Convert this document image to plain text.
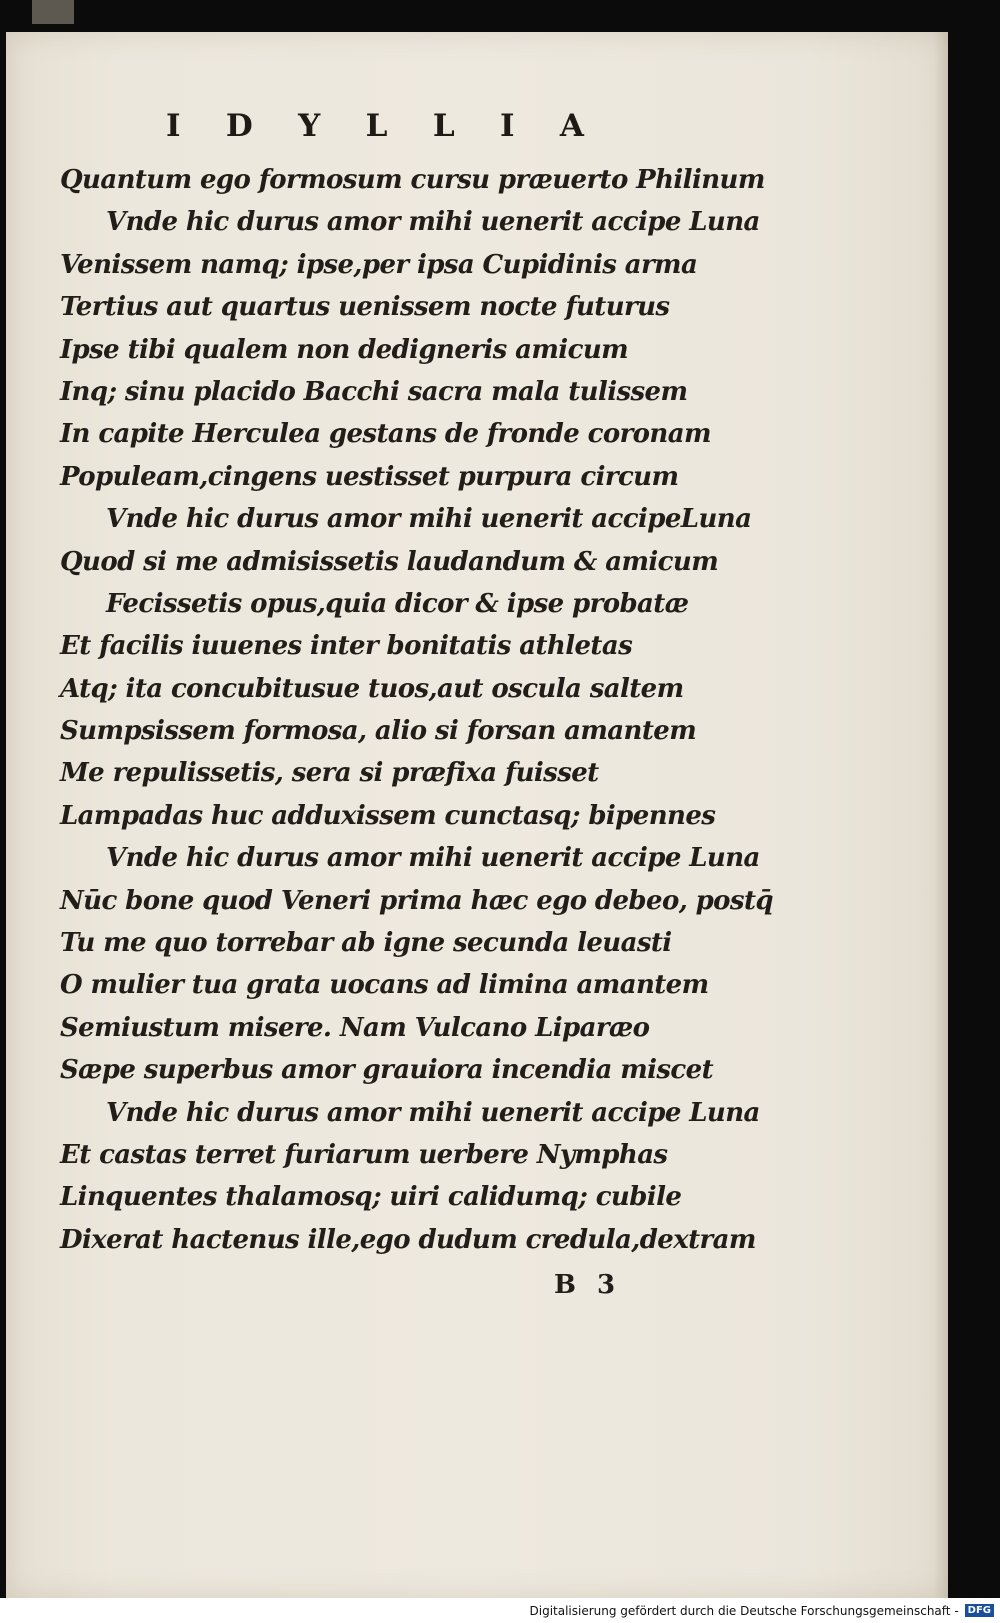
I D Y L L I A
Quantum ego formosum cursu præuerto Philinum
Vnde hic durus amor mihi uenerit accipe Luna
Venissem namq; ipse,per ipsa Cupidinis arma
Tertius aut quartus uenissem nocte futurus
Ipse tibi qualem non dedigneris amicum
Inq; sinu placido Bacchi sacra mala tulissem
In capite Herculea gestans de fronde coronam
Populeam,cingens uestisset purpura circum
Vnde hic durus amor mihi uenerit accipeLuna
Quod si me admisissetis laudandum & amicum
Fecissetis opus,quia dicor & ipse probatæ
Et facilis iuuenes inter bonitatis athletas
Atq; ita concubitusue tuos,aut oscula saltem
Sumpsissem formosa, alio si forsan amantem
Me repulissetis, sera si præfixa fuisset
Lampadas huc adduxissem cunctasq; bipennes
Vnde hic durus amor mihi uenerit accipe Luna
Nūc bone quod Veneri prima hæc ego debeo, postq̄
Tu me quo torrebar ab igne secunda leuasti
O mulier tua grata uocans ad limina amantem
Semiustum misere. Nam Vulcano Liparæo
Sæpe superbus amor grauiora incendia miscet
Vnde hic durus amor mihi uenerit accipe Luna
Et castas terret furiarum uerbere Nymphas
Linquentes thalamosq; uiri calidumq; cubile
Dixerat hactenus ille,ego dudum credula,dextram
B 3
Digitalisierung gefördert durch die Deutsche Forschungsgemeinschaft - DFG
